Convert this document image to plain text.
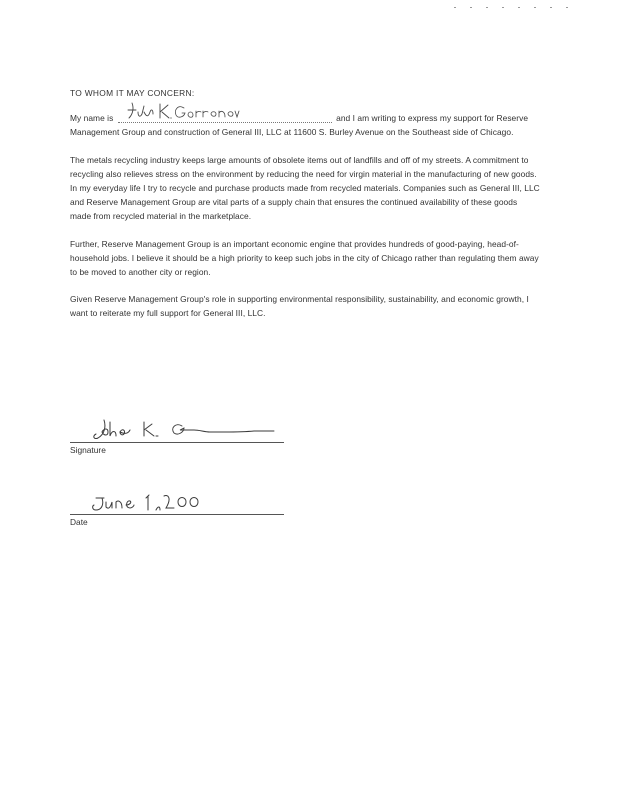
TO WHOM IT MAY CONCERN:

My name is	and I am writing to express my support for Reserve Management Group and construction of General III, LLC at 11600 S. Burley Avenue on the Southeast side of Chicago.

The metals recycling industry keeps large amounts of obsolete items out of landfills and off of my streets. A commitment to recycling also relieves stress on the environment by reducing the need for virgin material in the manufacturing of new goods. In my everyday life I try to recycle and purchase products made from recycled materials. Companies such as General III, LLC and Reserve Management Group are vital parts of a supply chain that ensures the continued availability of these goods made from recycled material in the marketplace.

Further, Reserve Management Group is an important economic engine that provides hundreds of good-paying, head-of-household jobs. I believe it should be a high priority to keep such jobs in the city of Chicago rather than regulating them away to be moved to another city or region.

Given Reserve Management Group's role in supporting environmental responsibility, sustainability, and economic growth, I want to reiterate my full support for General III, LLC.

Signature
Date
